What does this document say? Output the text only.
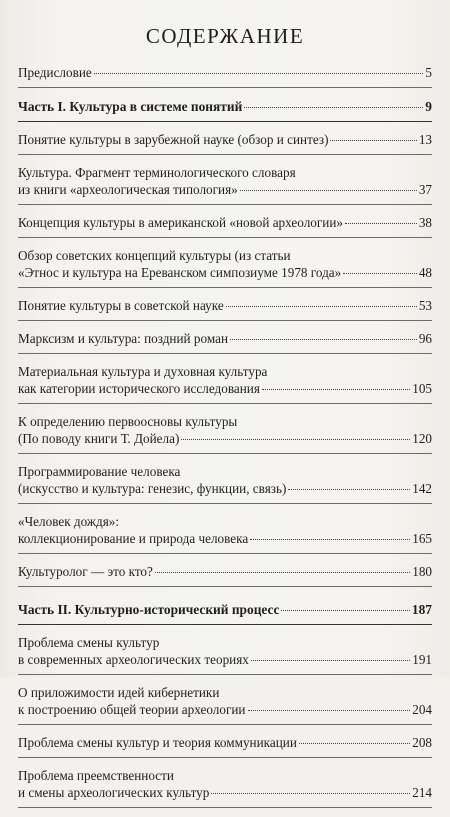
СОДЕРЖАНИЕ
Предисловие	5
Часть I. Культура в системе понятий	9
Понятие культуры в зарубежной науке (обзор и синтез)	13
Культура. Фрагмент терминологического словаря
из книги «археологическая типология»	37
Концепция культуры в американской «новой археологии»	38
Обзор советских концепций культуры (из статьи
«Этнос и культура на Ереванском симпозиуме 1978 года»	48
Понятие культуры в советской науке	53
Марксизм и культура: поздний роман	96
Материальная культура и духовная культура
как категории исторического исследования	105
К определению первоосновы культуры
(По поводу книги Т. Дойела)	120
Программирование человека
(искусство и культура: генезис, функции, связь)	142
«Человек дождя»:
коллекционирование и природа человека	165
Культуролог — это кто?	180
Часть II. Культурно-исторический процесс	187
Проблема смены культур
в современных археологических теориях	191
О приложимости идей кибернетики
к построению общей теории археологии	204
Проблема смены культур и теория коммуникации	208
Проблема преемственности
и смены археологических культур	214
